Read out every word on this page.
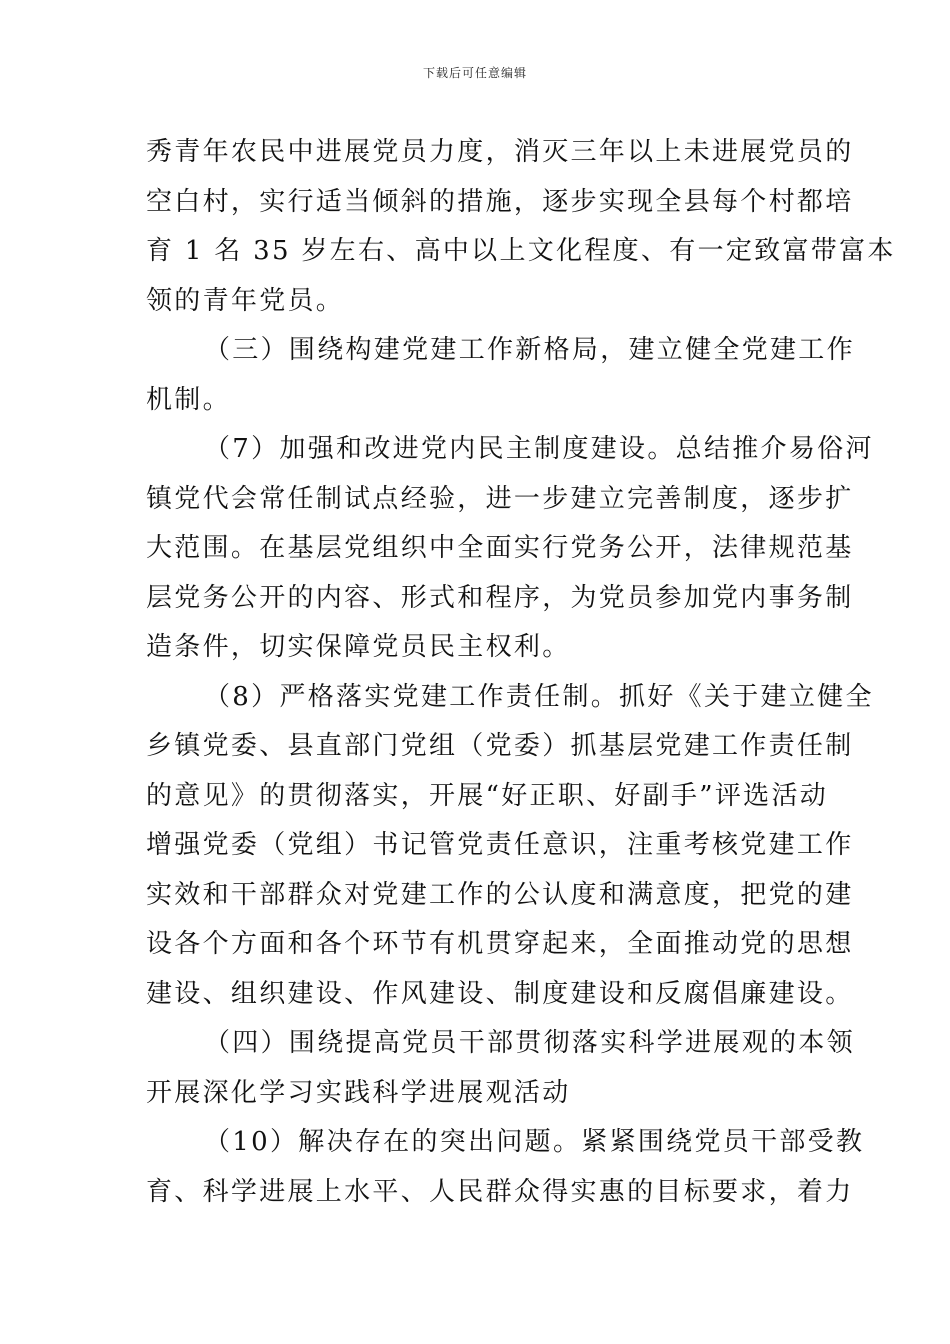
下载后可任意编辑
秀青年农民中进展党员力度，消灭三年以上未进展党员的
空白村，实行适当倾斜的措施，逐步实现全县每个村都培
育 1 名 35 岁左右、高中以上文化程度、有一定致富带富本
领的青年党员。
（三）围绕构建党建工作新格局，建立健全党建工作
机制。
（7）加强和改进党内民主制度建设。总结推介易俗河
镇党代会常任制试点经验，进一步建立完善制度，逐步扩
大范围。在基层党组织中全面实行党务公开，法律规范基
层党务公开的内容、形式和程序，为党员参加党内事务制
造条件，切实保障党员民主权利。
（8）严格落实党建工作责任制。抓好《关于建立健全
乡镇党委、县直部门党组（党委）抓基层党建工作责任制
的意见》的贯彻落实，开展“好正职、好副手”评选活动
增强党委（党组）书记管党责任意识，注重考核党建工作
实效和干部群众对党建工作的公认度和满意度，把党的建
设各个方面和各个环节有机贯穿起来，全面推动党的思想
建设、组织建设、作风建设、制度建设和反腐倡廉建设。
（四）围绕提高党员干部贯彻落实科学进展观的本领
开展深化学习实践科学进展观活动
（10）解决存在的突出问题。紧紧围绕党员干部受教
育、科学进展上水平、人民群众得实惠的目标要求，着力
